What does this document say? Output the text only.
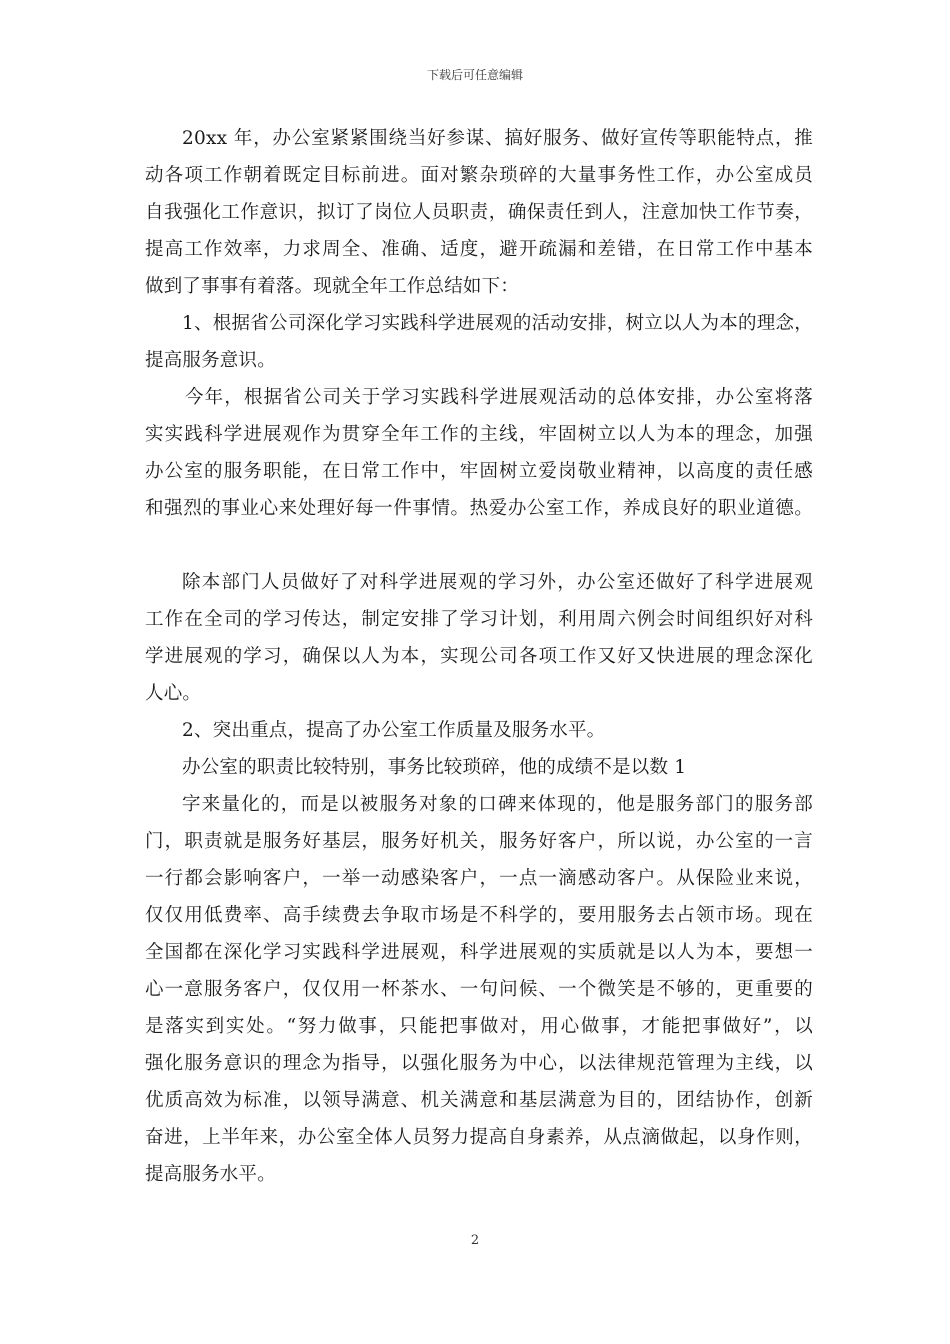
下载后可任意编辑
20xx 年，办公室紧紧围绕当好参谋、搞好服务、做好宣传等职能特点，推
动各项工作朝着既定目标前进。面对繁杂琐碎的大量事务性工作，办公室成员
自我强化工作意识，拟订了岗位人员职责，确保责任到人，注意加快工作节奏，
提高工作效率，力求周全、准确、适度，避开疏漏和差错，在日常工作中基本
做到了事事有着落。现就全年工作总结如下：
1、根据省公司深化学习实践科学进展观的活动安排，树立以人为本的理念，
提高服务意识。
今年，根据省公司关于学习实践科学进展观活动的总体安排，办公室将落
实实践科学进展观作为贯穿全年工作的主线，牢固树立以人为本的理念，加强
办公室的服务职能，在日常工作中，牢固树立爱岗敬业精神，以高度的责任感
和强烈的事业心来处理好每一件事情。热爱办公室工作，养成良好的职业道德。
除本部门人员做好了对科学进展观的学习外，办公室还做好了科学进展观
工作在全司的学习传达，制定安排了学习计划，利用周六例会时间组织好对科
学进展观的学习，确保以人为本，实现公司各项工作又好又快进展的理念深化
人心。
2、突出重点，提高了办公室工作质量及服务水平。
办公室的职责比较特别，事务比较琐碎，他的成绩不是以数 1
字来量化的，而是以被服务对象的口碑来体现的，他是服务部门的服务部
门，职责就是服务好基层，服务好机关，服务好客户，所以说，办公室的一言
一行都会影响客户，一举一动感染客户，一点一滴感动客户。从保险业来说，
仅仅用低费率、高手续费去争取市场是不科学的，要用服务去占领市场。现在
全国都在深化学习实践科学进展观，科学进展观的实质就是以人为本，要想一
心一意服务客户，仅仅用一杯茶水、一句问候、一个微笑是不够的，更重要的
是落实到实处。“努力做事，只能把事做对，用心做事，才能把事做好”，以
强化服务意识的理念为指导，以强化服务为中心，以法律规范管理为主线，以
优质高效为标准，以领导满意、机关满意和基层满意为目的，团结协作，创新
奋进，上半年来，办公室全体人员努力提高自身素养，从点滴做起，以身作则，
提高服务水平。
2
